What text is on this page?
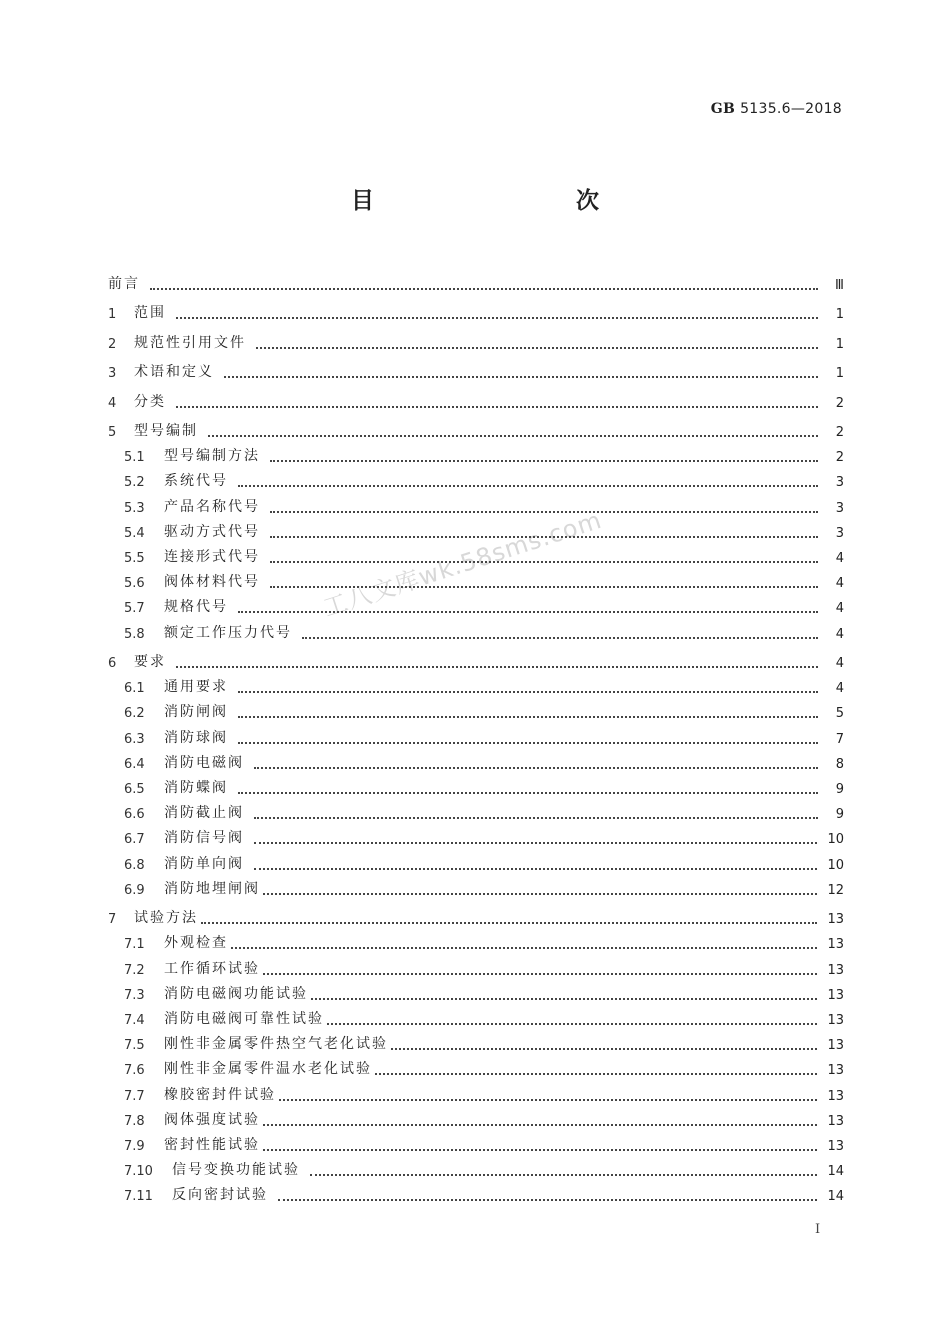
GB 5135.6—2018
目　　次
工八文库wk.58sms.com
前言	Ⅲ
1	范围	1
2	规范性引用文件	1
3	术语和定义	1
4	分类	2
5	型号编制	2
5.1	型号编制方法	2
5.2	系统代号	3
5.3	产品名称代号	3
5.4	驱动方式代号	3
5.5	连接形式代号	4
5.6	阀体材料代号	4
5.7	规格代号	4
5.8	额定工作压力代号	4
6	要求	4
6.1	通用要求	4
6.2	消防闸阀	5
6.3	消防球阀	7
6.4	消防电磁阀	8
6.5	消防蝶阀	9
6.6	消防截止阀	9
6.7	消防信号阀	10
6.8	消防单向阀	10
6.9	消防地埋闸阀	12
7	试验方法	13
7.1	外观检查	13
7.2	工作循环试验	13
7.3	消防电磁阀功能试验	13
7.4	消防电磁阀可靠性试验	13
7.5	刚性非金属零件热空气老化试验	13
7.6	刚性非金属零件温水老化试验	13
7.7	橡胶密封件试验	13
7.8	阀体强度试验	13
7.9	密封性能试验	13
7.10	信号变换功能试验	14
7.11	反向密封试验	14
I
